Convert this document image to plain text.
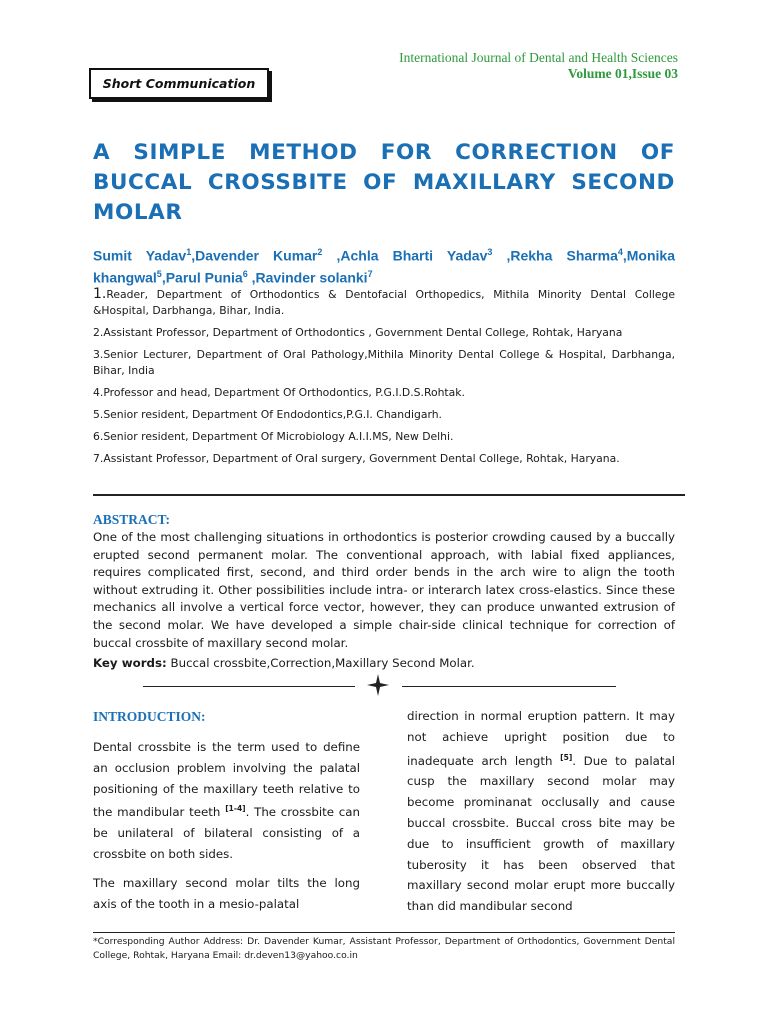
International Journal of Dental and Health Sciences
Volume 01,Issue 03
Short Communication
A SIMPLE METHOD FOR CORRECTION OF BUCCAL CROSSBITE OF MAXILLARY SECOND MOLAR
Sumit Yadav$^1$,Davender Kumar$^2$ ,Achla Bharti Yadav$^3$ ,Rekha Sharma$^4$,Monika khangwal$^5$,Parul Punia$^6$ ,Ravinder solanki$^7$

1.Reader, Department of Orthodontics & Dentofacial Orthopedics, Mithila Minority Dental College &Hospital, Darbhanga, Bihar, India.

2.Assistant Professor, Department of Orthodontics , Government Dental College, Rohtak, Haryana

3.Senior Lecturer, Department of Oral Pathology,Mithila Minority Dental College & Hospital, Darbhanga, Bihar, India

4.Professor and head, Department Of Orthodontics, P.G.I.D.S.Rohtak.

5.Senior resident, Department Of Endodontics,P.G.I. Chandigarh.

6.Senior resident, Department Of Microbiology A.I.I.MS, New Delhi.

7.Assistant Professor, Department of Oral surgery, Government Dental College, Rohtak, Haryana.

ABSTRACT:

One of the most challenging situations in orthodontics is posterior crowding caused by a buccally erupted second permanent molar. The conventional approach, with labial fixed appliances, requires complicated first, second, and third order bends in the arch wire to align the tooth without extruding it. Other possibilities include intra- or interarch latex cross-elastics. Since these mechanics all involve a vertical force vector, however, they can produce unwanted extrusion of the second molar. We have developed a simple chair-side clinical technique for correction of buccal crossbite of maxillary second molar.

Key words: Buccal crossbite,Correction,Maxillary Second Molar.
INTRODUCTION:

Dental crossbite is the term used to define an occlusion problem involving the palatal positioning of the maxillary teeth relative to the mandibular teeth [1-4]. The crossbite can be unilateral of bilateral consisting of a crossbite on both sides.

The maxillary second molar tilts the long axis of the tooth in a mesio-palatal

direction in normal eruption pattern. It may not achieve upright position due to inadequate arch length [5]. Due to palatal cusp the maxillary second molar may become prominanat occlusally and cause buccal crossbite. Buccal cross bite may be due to insufficient growth of maxillary tuberosity it has been observed that maxillary second molar erupt more buccally than did mandibular second

*Corresponding Author Address: Dr. Davender Kumar, Assistant Professor, Department of Orthodontics, Government Dental College, Rohtak, Haryana Email: dr.deven13@yahoo.co.in
